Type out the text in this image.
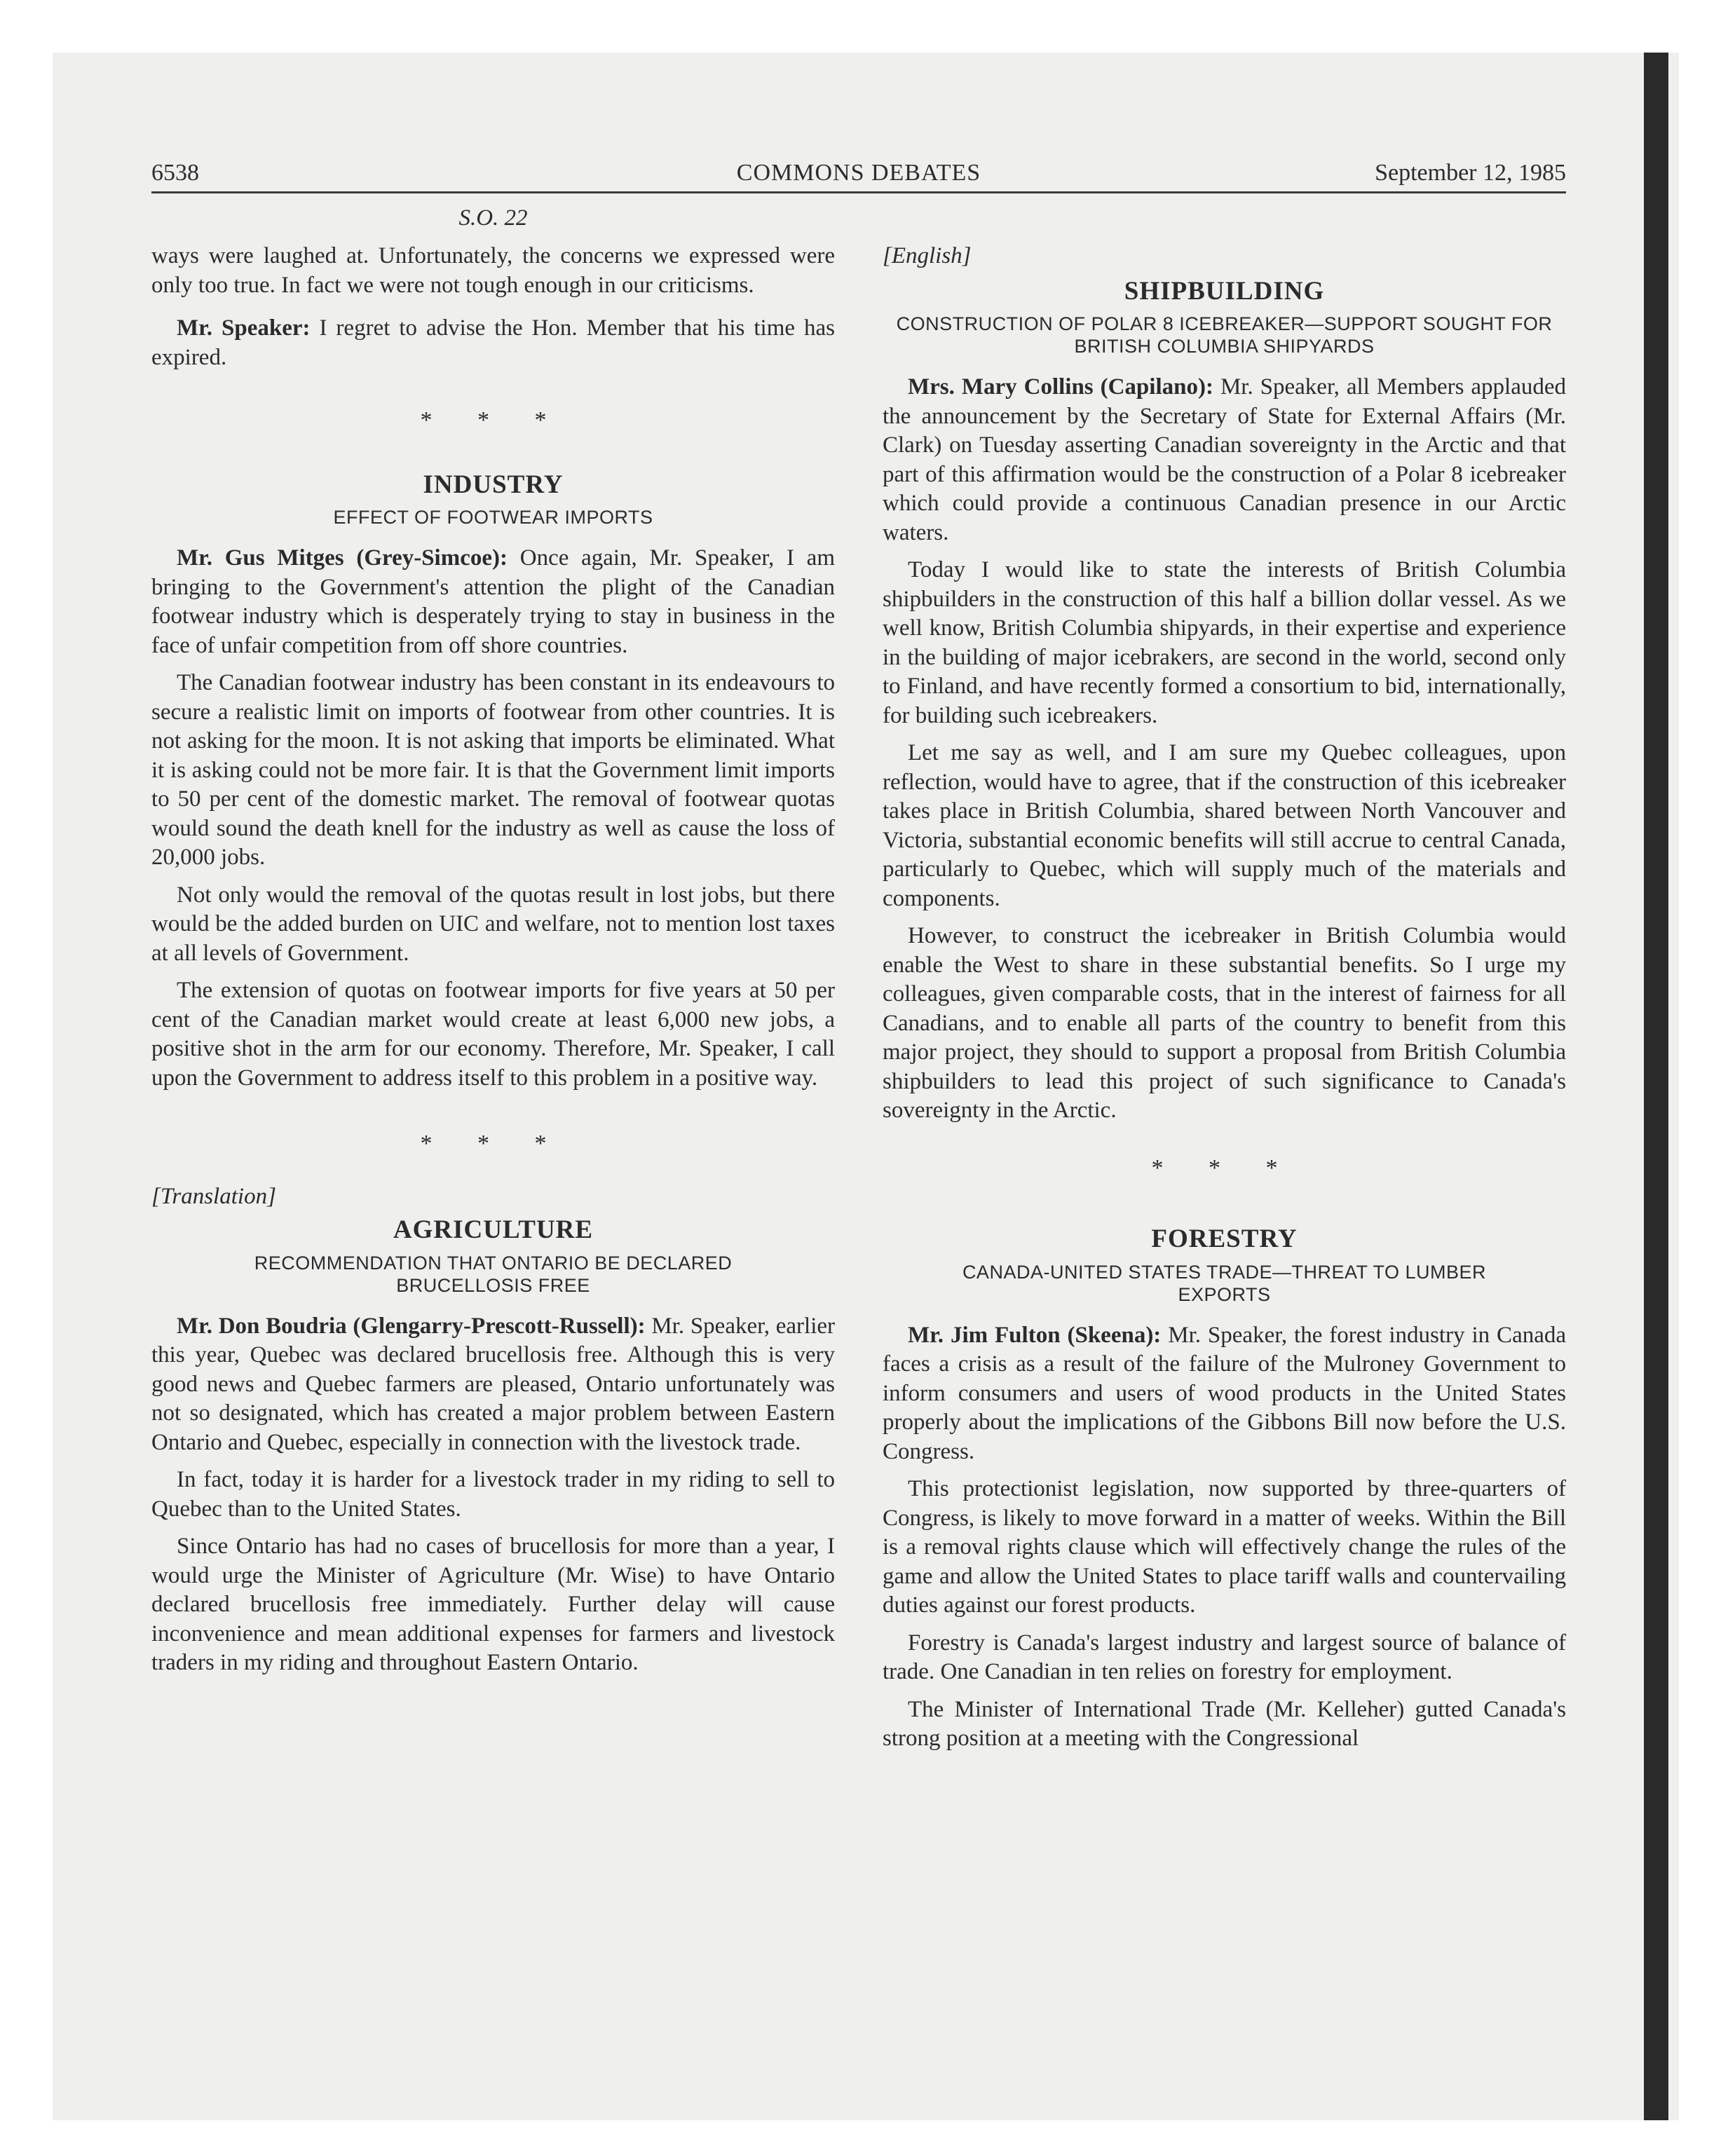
6538	COMMONS DEBATES	September 12, 1985
S.O. 22

ways were laughed at. Unfortunately, the concerns we expressed were only too true. In fact we were not tough enough in our criticisms.

Mr. Speaker: I regret to advise the Hon. Member that his time has expired.

* * *
INDUSTRY
EFFECT OF FOOTWEAR IMPORTS

Mr. Gus Mitges (Grey-Simcoe): Once again, Mr. Speaker, I am bringing to the Government's attention the plight of the Canadian footwear industry which is desperately trying to stay in business in the face of unfair competition from off shore countries.

The Canadian footwear industry has been constant in its endeavours to secure a realistic limit on imports of footwear from other countries. It is not asking for the moon. It is not asking that imports be eliminated. What it is asking could not be more fair. It is that the Government limit imports to 50 per cent of the domestic market. The removal of footwear quotas would sound the death knell for the industry as well as cause the loss of 20,000 jobs.

Not only would the removal of the quotas result in lost jobs, but there would be the added burden on UIC and welfare, not to mention lost taxes at all levels of Government.

The extension of quotas on footwear imports for five years at 50 per cent of the Canadian market would create at least 6,000 new jobs, a positive shot in the arm for our economy. Therefore, Mr. Speaker, I call upon the Government to address itself to this problem in a positive way.

* * *
[Translation]
AGRICULTURE
RECOMMENDATION THAT ONTARIO BE DECLARED BRUCELLOSIS FREE

Mr. Don Boudria (Glengarry-Prescott-Russell): Mr. Speaker, earlier this year, Quebec was declared brucellosis free. Although this is very good news and Quebec farmers are pleased, Ontario unfortunately was not so designated, which has created a major problem between Eastern Ontario and Quebec, especially in connection with the livestock trade.

In fact, today it is harder for a livestock trader in my riding to sell to Quebec than to the United States.

Since Ontario has had no cases of brucellosis for more than a year, I would urge the Minister of Agriculture (Mr. Wise) to have Ontario declared brucellosis free immediately. Further delay will cause inconvenience and mean additional expenses for farmers and livestock traders in my riding and throughout Eastern Ontario.

[English]
SHIPBUILDING
CONSTRUCTION OF POLAR 8 ICEBREAKER—SUPPORT SOUGHT FOR BRITISH COLUMBIA SHIPYARDS

Mrs. Mary Collins (Capilano): Mr. Speaker, all Members applauded the announcement by the Secretary of State for External Affairs (Mr. Clark) on Tuesday asserting Canadian sovereignty in the Arctic and that part of this affirmation would be the construction of a Polar 8 icebreaker which could provide a continuous Canadian presence in our Arctic waters.

Today I would like to state the interests of British Columbia shipbuilders in the construction of this half a billion dollar vessel. As we well know, British Columbia shipyards, in their expertise and experience in the building of major icebrakers, are second in the world, second only to Finland, and have recently formed a consortium to bid, internationally, for building such icebreakers.

Let me say as well, and I am sure my Quebec colleagues, upon reflection, would have to agree, that if the construction of this icebreaker takes place in British Columbia, shared between North Vancouver and Victoria, substantial economic benefits will still accrue to central Canada, particularly to Quebec, which will supply much of the materials and components.

However, to construct the icebreaker in British Columbia would enable the West to share in these substantial benefits. So I urge my colleagues, given comparable costs, that in the interest of fairness for all Canadians, and to enable all parts of the country to benefit from this major project, they should to support a proposal from British Columbia shipbuilders to lead this project of such significance to Canada's sovereignty in the Arctic.

* * *
FORESTRY
CANADA-UNITED STATES TRADE—THREAT TO LUMBER EXPORTS

Mr. Jim Fulton (Skeena): Mr. Speaker, the forest industry in Canada faces a crisis as a result of the failure of the Mulroney Government to inform consumers and users of wood products in the United States properly about the implications of the Gibbons Bill now before the U.S. Congress.

This protectionist legislation, now supported by three-quarters of Congress, is likely to move forward in a matter of weeks. Within the Bill is a removal rights clause which will effectively change the rules of the game and allow the United States to place tariff walls and countervailing duties against our forest products.

Forestry is Canada's largest industry and largest source of balance of trade. One Canadian in ten relies on forestry for employment.

The Minister of International Trade (Mr. Kelleher) gutted Canada's strong position at a meeting with the Congressional
